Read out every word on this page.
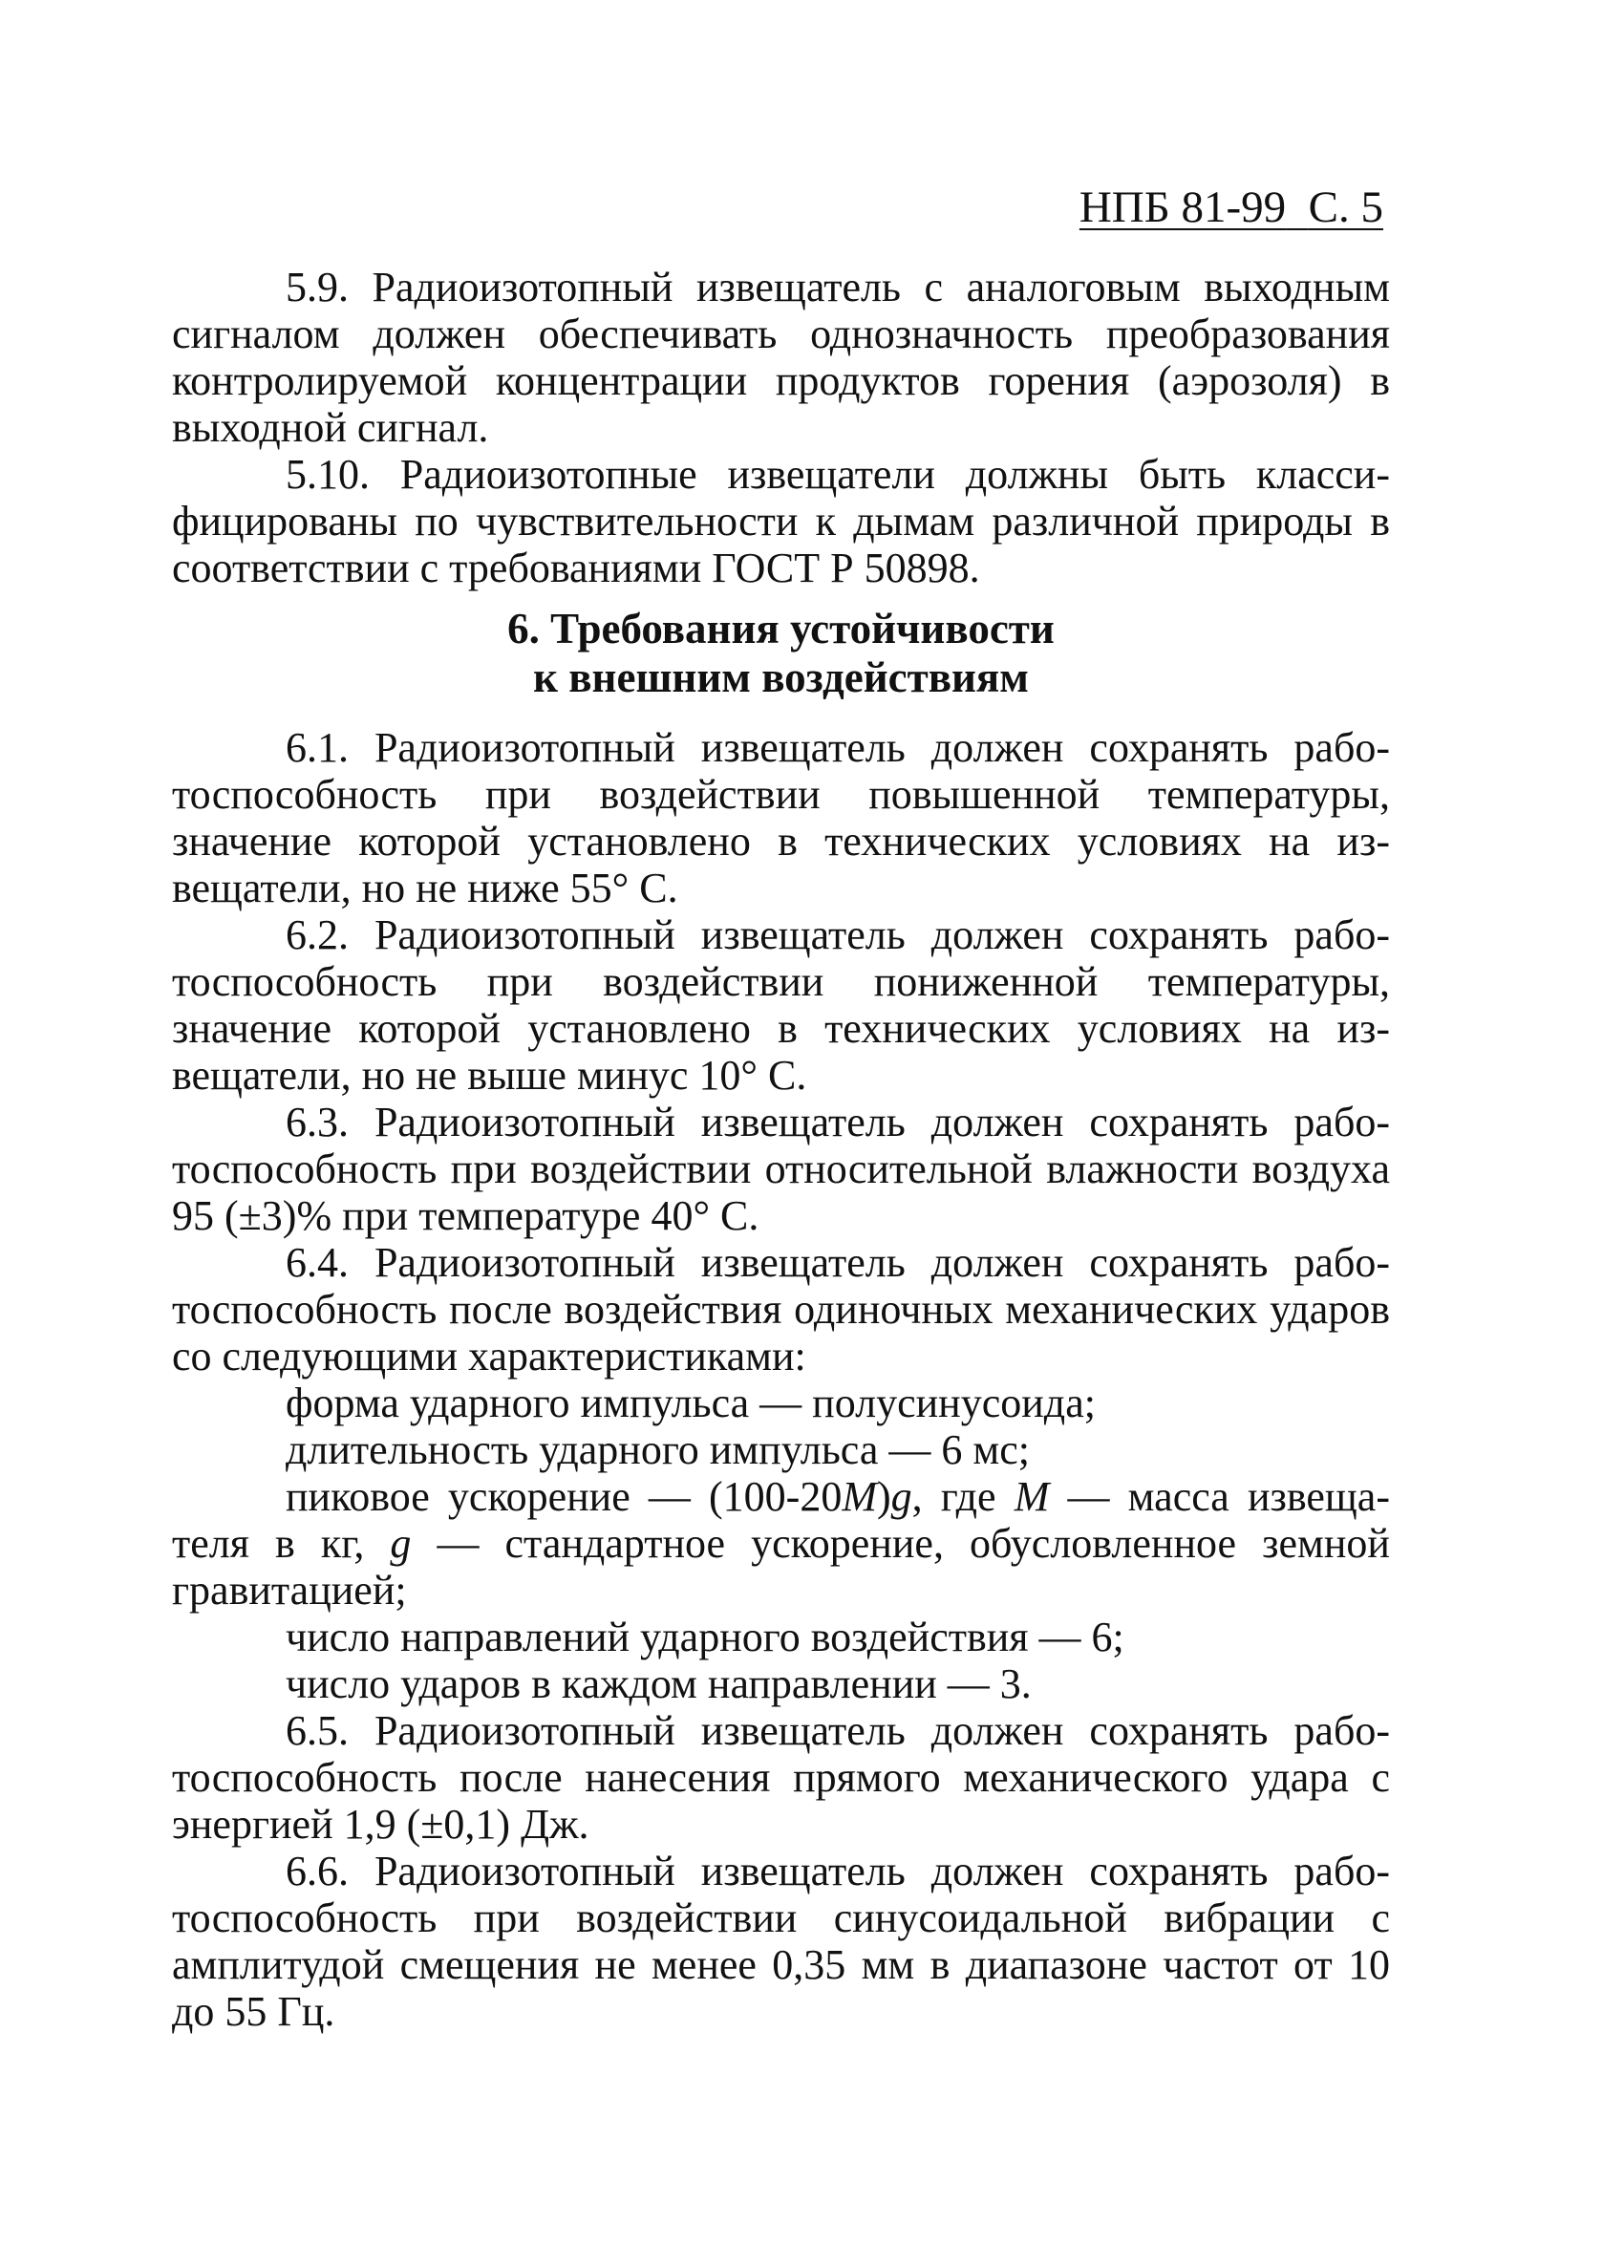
НПБ 81-99 С. 5

5.9. Радиоизотопный извещатель с аналоговым выходным сигналом должен обеспечивать однозначность преобразования контролируемой концентрации продуктов горения (аэрозоля) в выходной сигнал.

5.10. Радиоизотопные извещатели должны быть классифицированы по чувствительности к дымам различной природы в соответствии с требованиями ГОСТ Р 50898.

6. Требования устойчивости
к внешним воздействиям

6.1. Радиоизотопный извещатель должен сохранять работоспособность при воздействии повышенной температуры, значение которой установлено в технических условиях на извещатели, но не ниже 55° С.

6.2. Радиоизотопный извещатель должен сохранять работоспособность при воздействии пониженной температуры, значение которой установлено в технических условиях на извещатели, но не выше минус 10° С.

6.3. Радиоизотопный извещатель должен сохранять работоспособность при воздействии относительной влажности воздуха 95 (±3)% при температуре 40° С.

6.4. Радиоизотопный извещатель должен сохранять работоспособность после воздействия одиночных механических ударов со следующими характеристиками:

форма ударного импульса — полусинусоида;

длительность ударного импульса — 6 мс;

пиковое ускорение — (100-20M)g, где M — масса извещателя в кг, g — стандартное ускорение, обусловленное земной гравитацией;

число направлений ударного воздействия — 6;

число ударов в каждом направлении — 3.

6.5. Радиоизотопный извещатель должен сохранять работоспособность после нанесения прямого механического удара с энергией 1,9 (±0,1) Дж.

6.6. Радиоизотопный извещатель должен сохранять работоспособность при воздействии синусоидальной вибрации с амплитудой смещения не менее 0,35 мм в диапазоне частот от 10 до 55 Гц.
